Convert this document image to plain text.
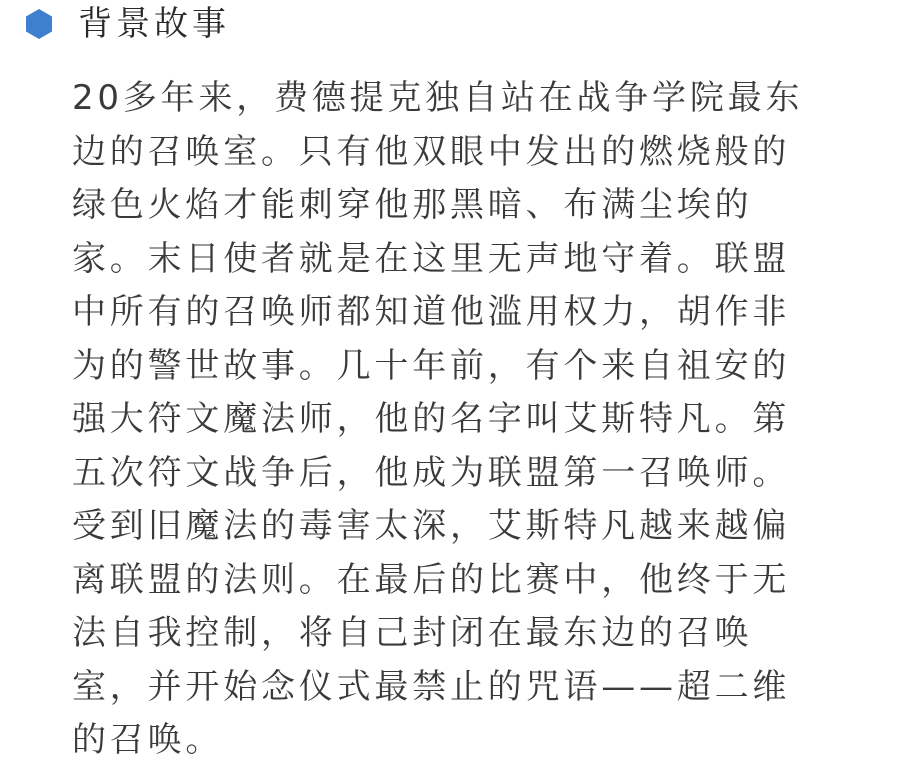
背景故事
20多年来，费德提克独自站在战争学院最东
边的召唤室。只有他双眼中发出的燃烧般的
绿色火焰才能刺穿他那黑暗、布满尘埃的
家。末日使者就是在这里无声地守着。联盟
中所有的召唤师都知道他滥用权力，胡作非
为的警世故事。几十年前，有个来自祖安的
强大符文魔法师，他的名字叫艾斯特凡。第
五次符文战争后，他成为联盟第一召唤师。
受到旧魔法的毒害太深，艾斯特凡越来越偏
离联盟的法则。在最后的比赛中，他终于无
法自我控制，将自己封闭在最东边的召唤
室，并开始念仪式最禁止的咒语——超二维
的召唤。
